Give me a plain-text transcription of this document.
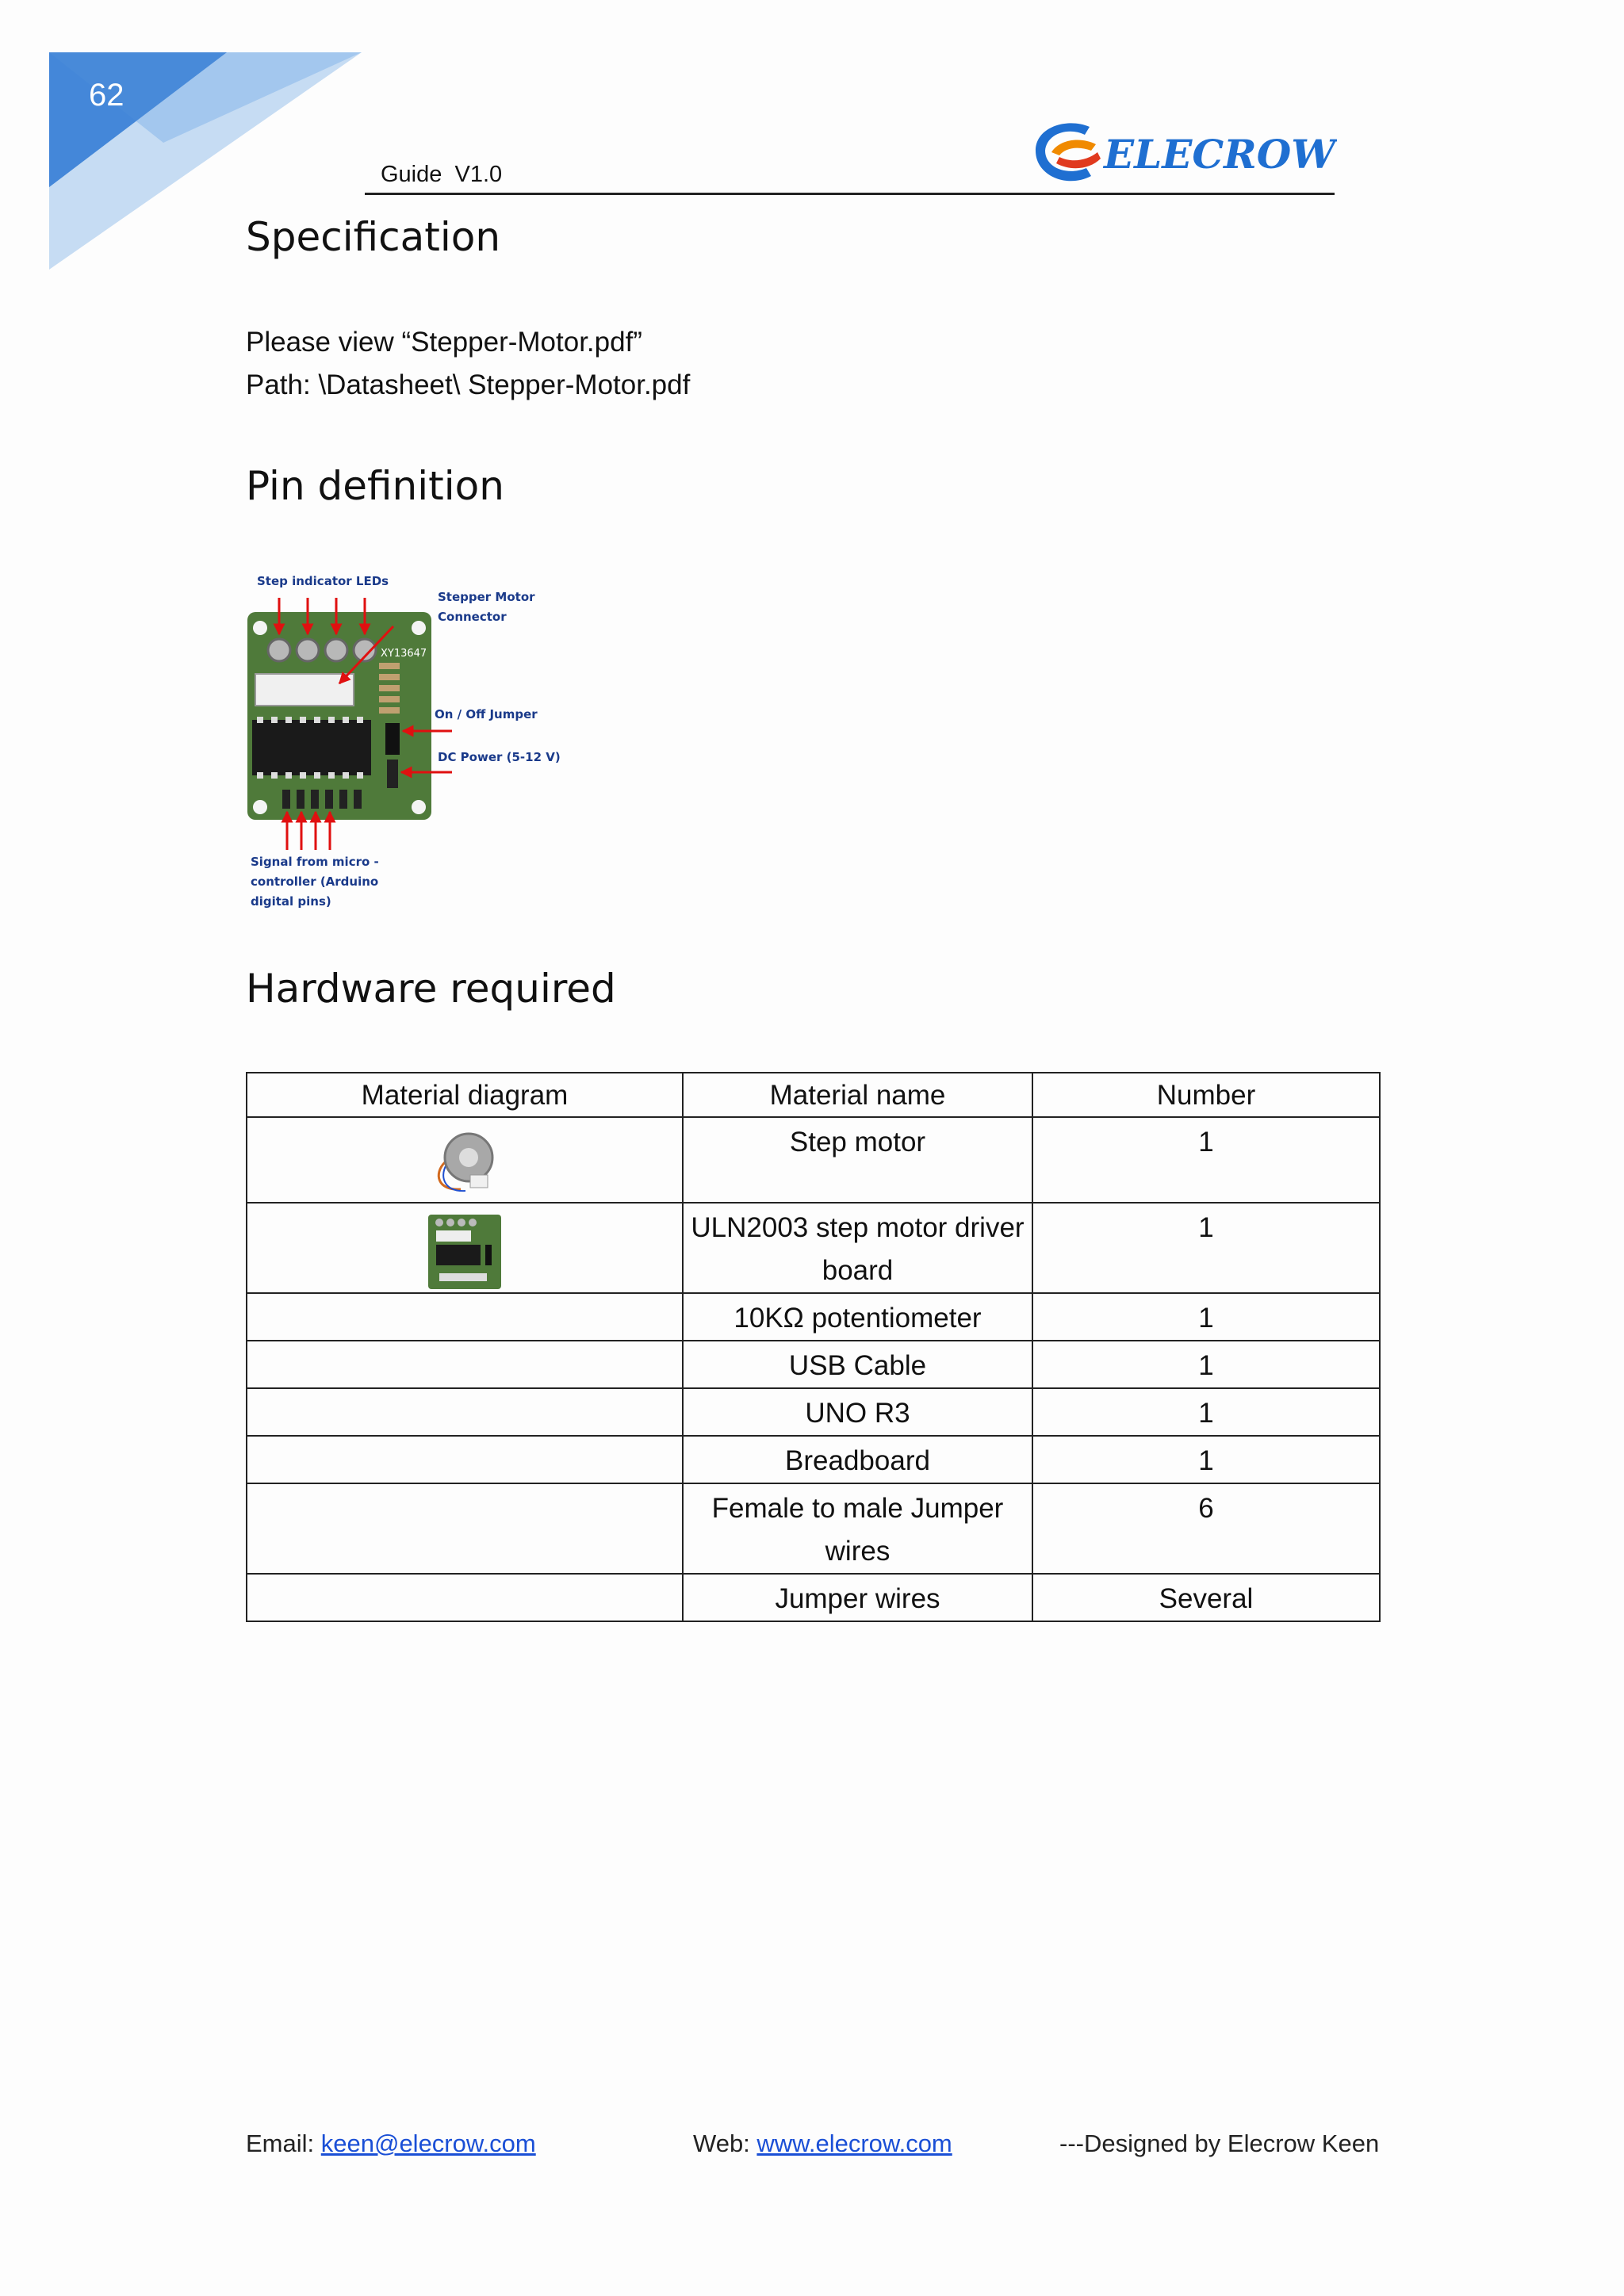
62
Guide  V1.0	ELECROW
Specification
Please view “Stepper-Motor.pdf”
Path: \Datasheet\ Stepper-Motor.pdf
Pin definition
XY13647
Step indicator LEDs
Stepper Motor
Connector
On / Off Jumper
DC Power (5-12 V)
Signal from micro -
controller (Arduino
digital pins)
Hardware required
Material diagram	Material name	Number

	Step motor	1

	ULN2003 step motor driver board	1
	10KΩ potentiometer	1
	USB Cable	1
	UNO R3	1
	Breadboard	1
	Female to male Jumper wires	6
	Jumper wires	Several
Email: keen@elecrow.com	Web: www.elecrow.com	---Designed by Elecrow Keen
